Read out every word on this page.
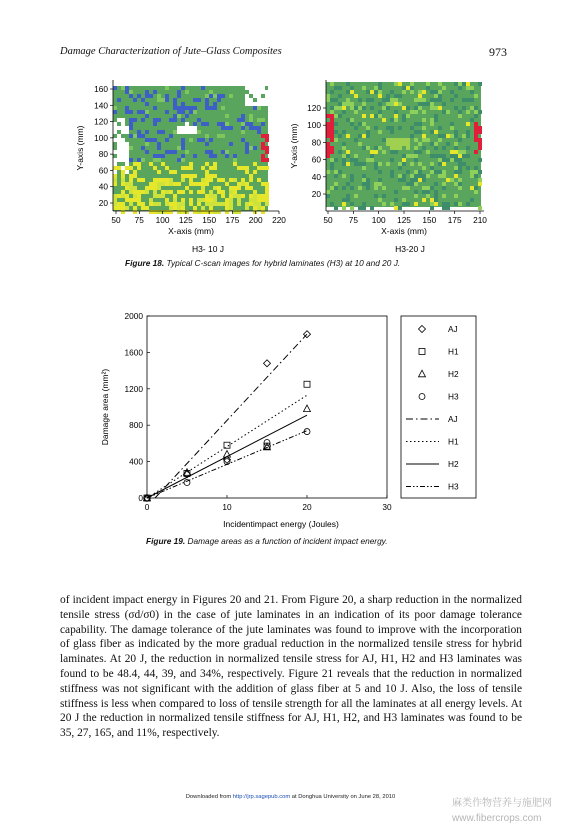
Damage Characterization of Jute–Glass Composites	973
50 75 100 125 150 175 200 220
20
40
60
80
100
120
140
160
X-axis (mm)
Y-axis (mm)
H3- 10 J
50 75 100 125 150 175 210
20
40
60
80
100
120
X-axis (mm)
Y-axis (mm)
H3-20 J
Figure 18. Typical C-scan images for hybrid laminates (H3) at 10 and 20 J.
0	10	20	30
0
400
800
1200
1600
2000
Damage area (mm²)
Incidentimpact energy (Joules)
AJ
AJ
H1
H1
H2
H2
H3
H3
Figure 19. Damage areas as a function of incident impact energy.
of incident impact energy in Figures 20 and 21. From Figure 20, a sharp reduction in the normalized tensile stress (σd/σ0) in the case of jute laminates in an indication of its poor damage tolerance capability. The damage tolerance of the jute laminates was found to improve with the incorporation of glass fiber as indicated by the more gradual reduction in the normalized tensile stress for hybrid laminates. At 20 J, the reduction in normalized tensile stress for AJ, H1, H2 and H3 laminates was found to be 48.4, 44, 39, and 34%, respectively. Figure 21 reveals that the reduction in normalized stiffness was not significant with the addition of glass fiber at 5 and 10 J. Also, the loss of tensile stiffness is less when compared to loss of tensile strength for all the laminates at all energy levels. At 20 J the reduction in normalized tensile stiffness for AJ, H1, H2, and H3 laminates was found to be 35, 27, 165, and 11%, respectively.
Downloaded from http://jrp.sagepub.com at Donghua University on June 28, 2010
麻类作物营养与施肥网
www.fibercrops.com
